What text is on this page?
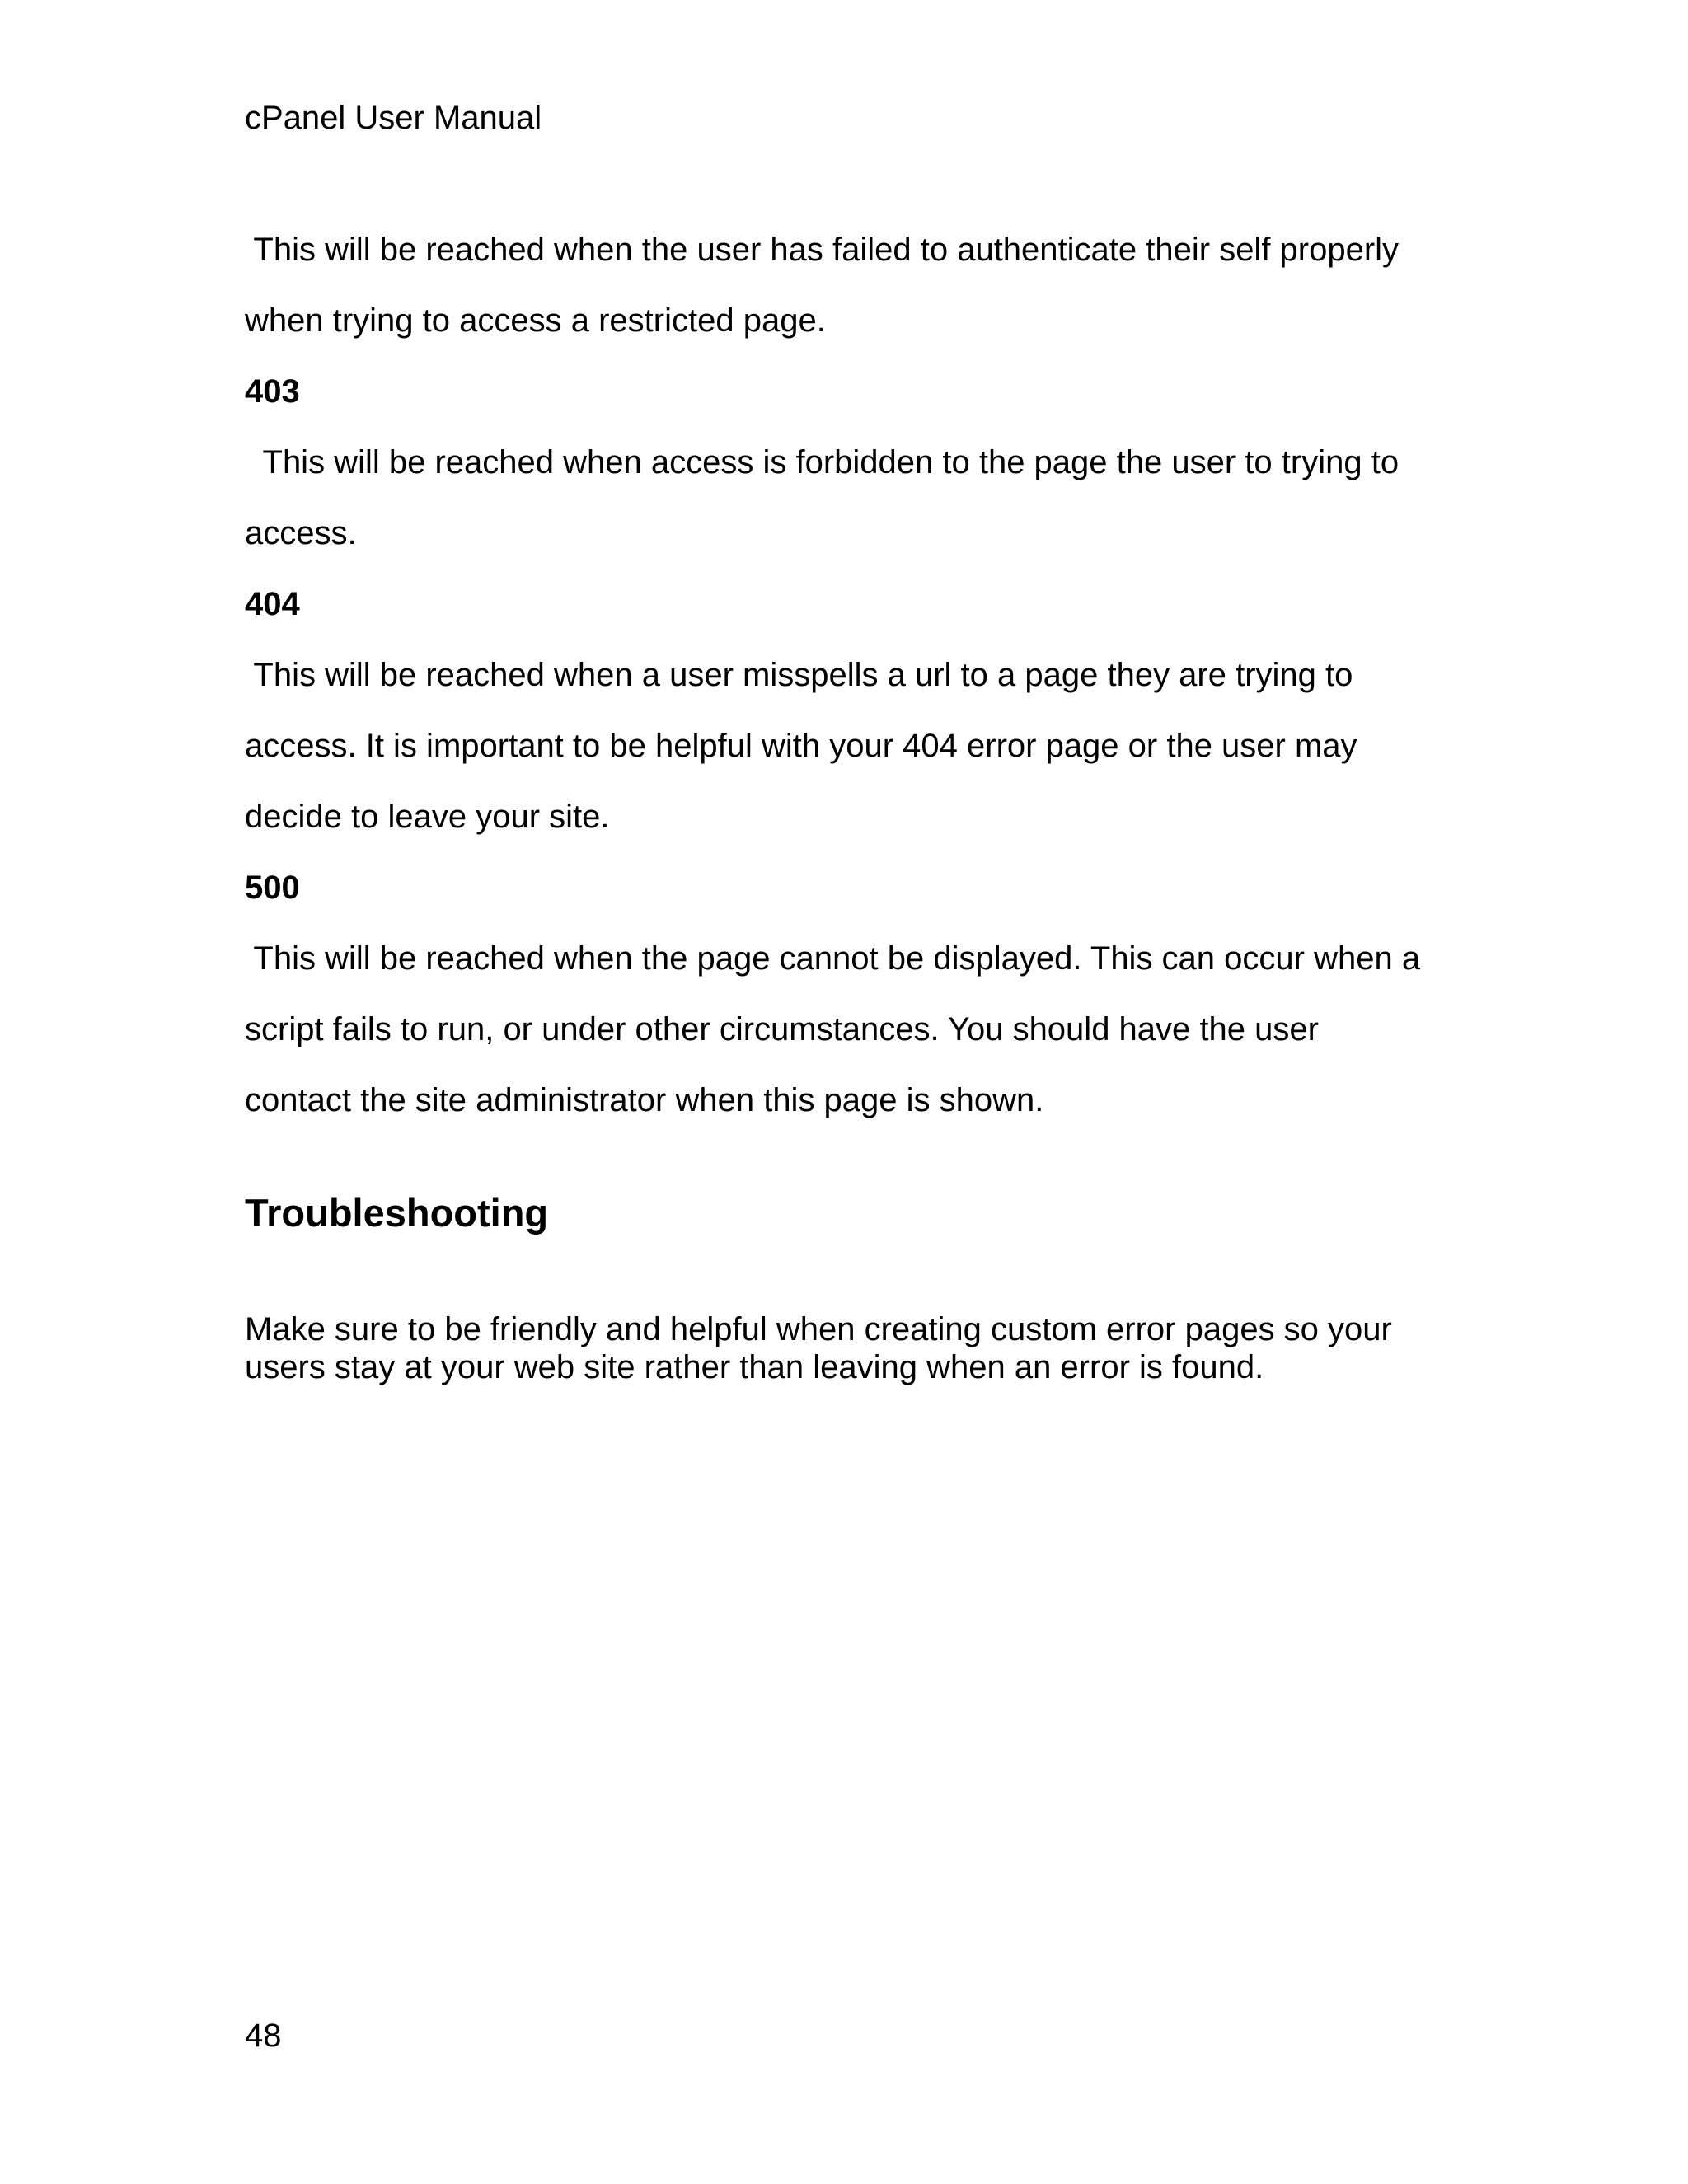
cPanel User Manual
This will be reached when the user has failed to authenticate their self properly
when trying to access a restricted page.
403
This will be reached when access is forbidden to the page the user to trying to
access.
404
This will be reached when a user misspells a url to a page they are trying to
access. It is important to be helpful with your 404 error page or the user may
decide to leave your site.
500
This will be reached when the page cannot be displayed. This can occur when a
script fails to run, or under other circumstances. You should have the user
contact the site administrator when this page is shown.
Troubleshooting
Make sure to be friendly and helpful when creating custom error pages so your users stay at your web site rather than leaving when an error is found.
48
